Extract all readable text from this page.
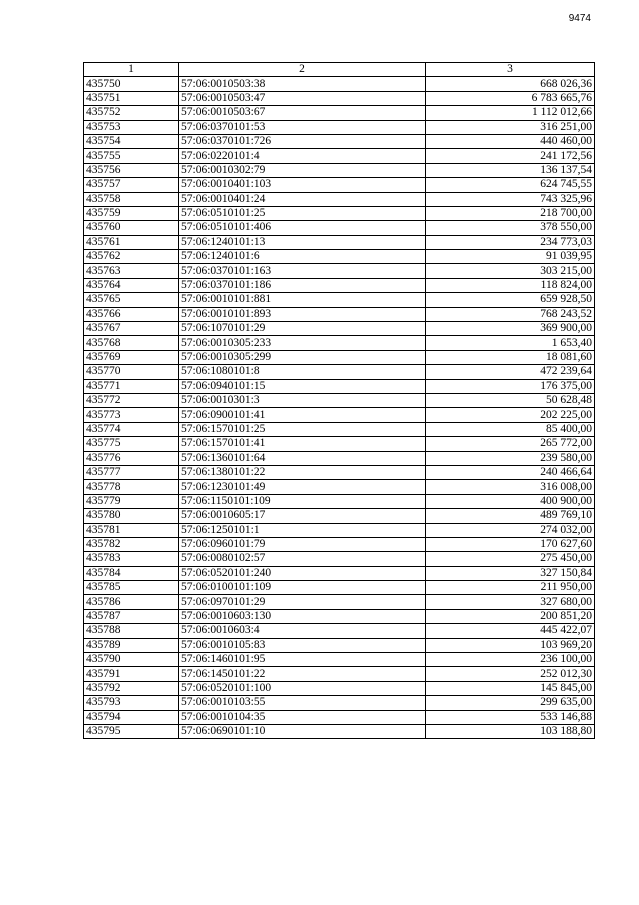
9474
1	2	3
435750	57:06:0010503:38	668 026,36
435751	57:06:0010503:47	6 783 665,76
435752	57:06:0010503:67	1 112 012,66
435753	57:06:0370101:53	316 251,00
435754	57:06:0370101:726	440 460,00
435755	57:06:0220101:4	241 172,56
435756	57:06:0010302:79	136 137,54
435757	57:06:0010401:103	624 745,55
435758	57:06:0010401:24	743 325,96
435759	57:06:0510101:25	218 700,00
435760	57:06:0510101:406	378 550,00
435761	57:06:1240101:13	234 773,03
435762	57:06:1240101:6	91 039,95
435763	57:06:0370101:163	303 215,00
435764	57:06:0370101:186	118 824,00
435765	57:06:0010101:881	659 928,50
435766	57:06:0010101:893	768 243,52
435767	57:06:1070101:29	369 900,00
435768	57:06:0010305:233	1 653,40
435769	57:06:0010305:299	18 081,60
435770	57:06:1080101:8	472 239,64
435771	57:06:0940101:15	176 375,00
435772	57:06:0010301:3	50 628,48
435773	57:06:0900101:41	202 225,00
435774	57:06:1570101:25	85 400,00
435775	57:06:1570101:41	265 772,00
435776	57:06:1360101:64	239 580,00
435777	57:06:1380101:22	240 466,64
435778	57:06:1230101:49	316 008,00
435779	57:06:1150101:109	400 900,00
435780	57:06:0010605:17	489 769,10
435781	57:06:1250101:1	274 032,00
435782	57:06:0960101:79	170 627,60
435783	57:06:0080102:57	275 450,00
435784	57:06:0520101:240	327 150,84
435785	57:06:0100101:109	211 950,00
435786	57:06:0970101:29	327 680,00
435787	57:06:0010603:130	200 851,20
435788	57:06:0010603:4	445 422,07
435789	57:06:0010105:83	103 969,20
435790	57:06:1460101:95	236 100,00
435791	57:06:1450101:22	252 012,30
435792	57:06:0520101:100	145 845,00
435793	57:06:0010103:55	299 635,00
435794	57:06:0010104:35	533 146,88
435795	57:06:0690101:10	103 188,80
